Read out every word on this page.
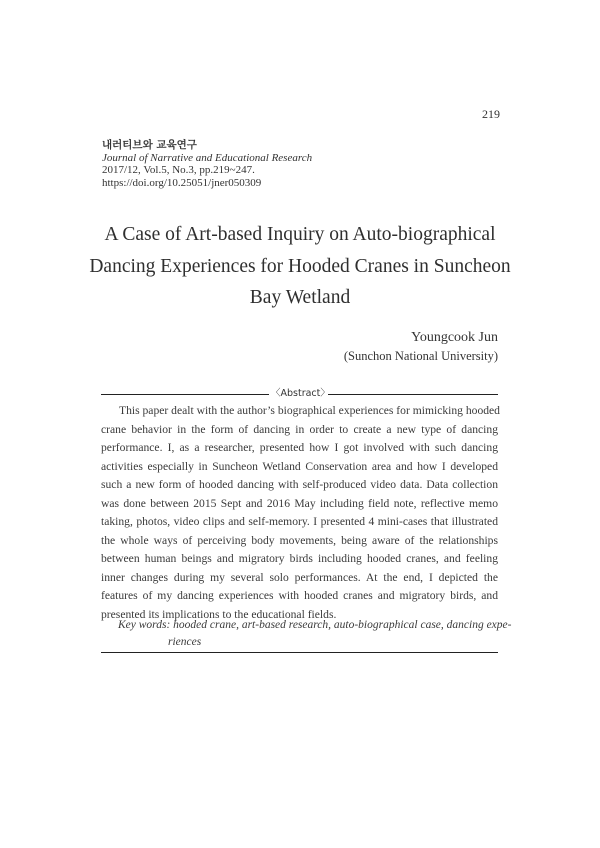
219
내러티브와 교육연구
Journal of Narrative and Educational Research
2017/12, Vol.5, No.3, pp.219~247.
https://doi.org/10.25051/jner050309
A Case of Art-based Inquiry on Auto-biographical
Dancing Experiences for Hooded Cranes in Suncheon
Bay Wetland
Youngcook Jun
(Sunchon National University)
〈Abstract〉
This paper dealt with the author’s biographical experiences for mimicking hooded
crane behavior in the form of dancing in order to create a new type of dancing
performance. I, as a researcher, presented how I got involved with such dancing
activities especially in Suncheon Wetland Conservation area and how I developed
such a new form of hooded dancing with self-produced video data. Data collection
was done between 2015 Sept and 2016 May including field note, reflective memo
taking, photos, video clips and self-memory. I presented 4 mini-cases that illustrated
the whole ways of perceiving body movements, being aware of the relationships
between human beings and migratory birds including hooded cranes, and feeling
inner changes during my several solo performances. At the end, I depicted the
features of my dancing experiences with hooded cranes and migratory birds, and
presented its implications to the educational fields.
Key words: hooded crane, art-based research, auto-biographical case, dancing expe-
riences
